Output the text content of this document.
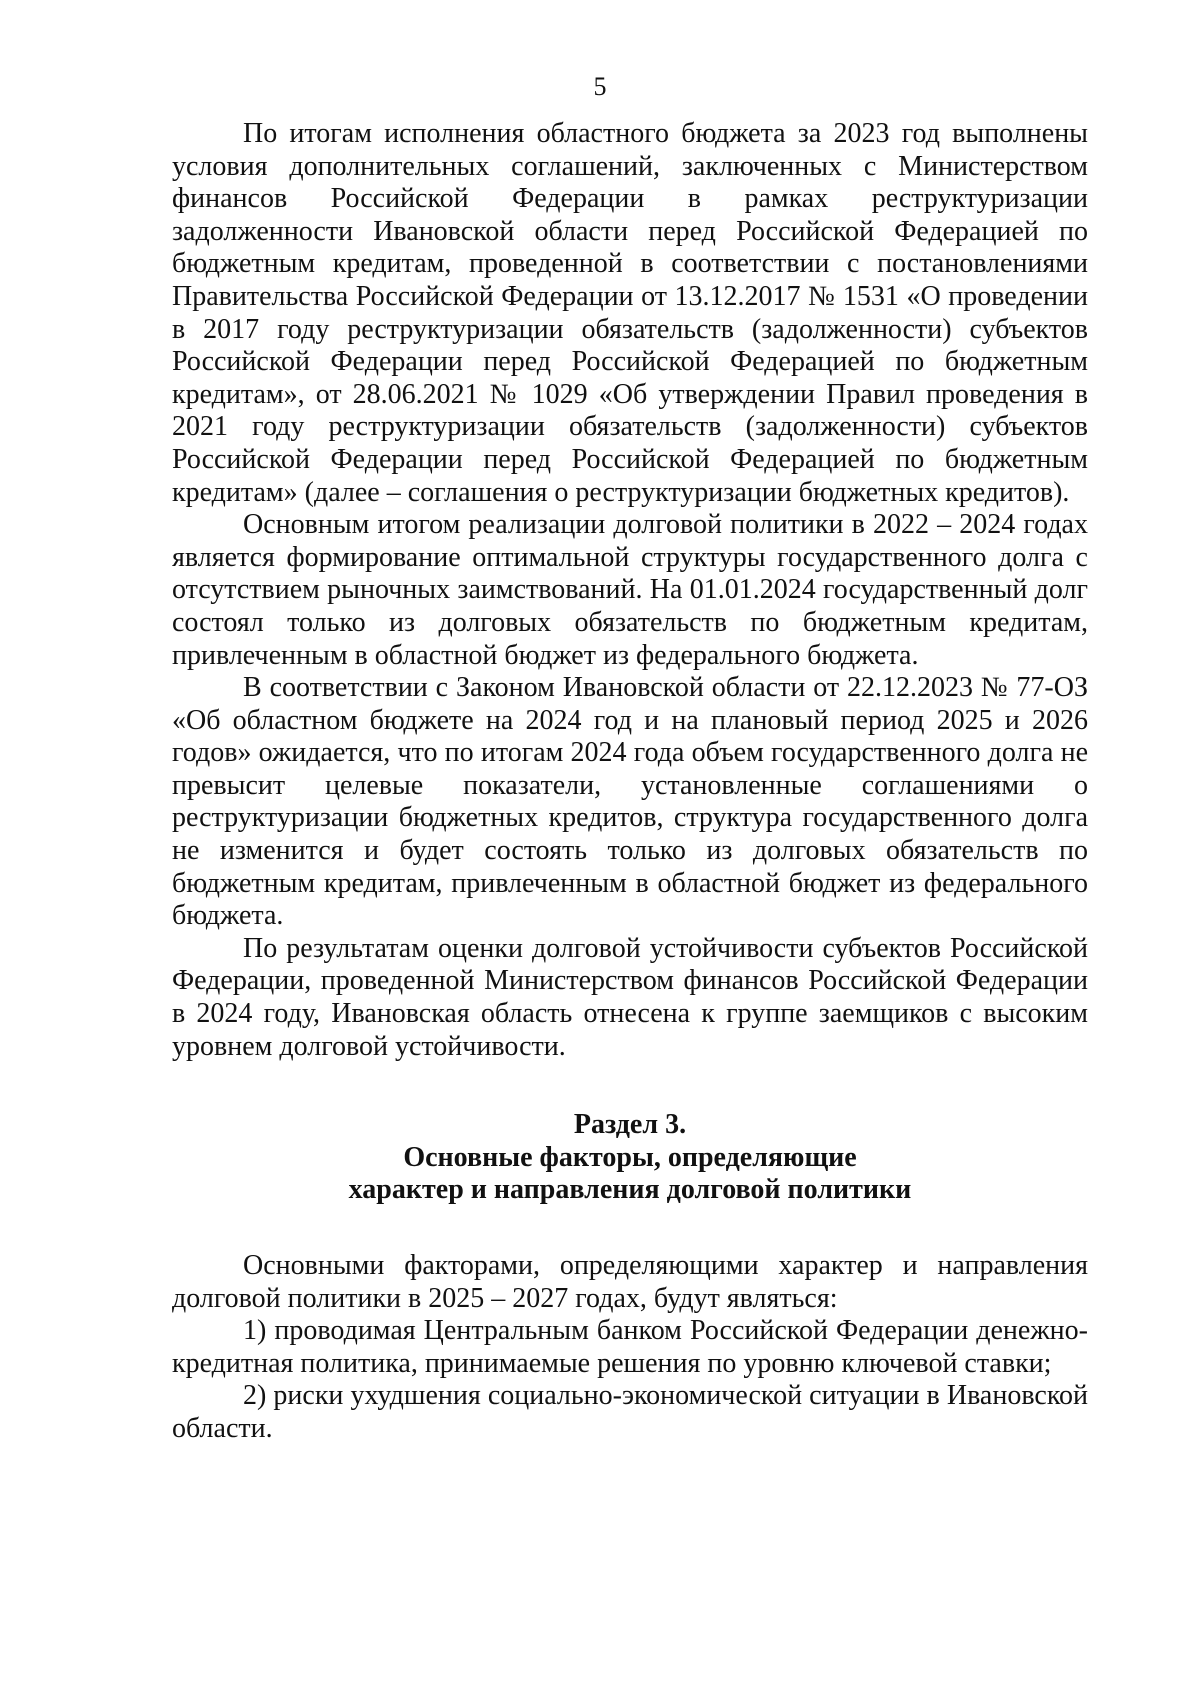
5

По итогам исполнения областного бюджета за 2023 год выполнены условия дополнительных соглашений, заключенных с Министерством финансов Российской Федерации в рамках реструктуризации задолженности Ивановской области перед Российской Федерацией по бюджетным кредитам, проведенной в соответствии с постановлениями Правительства Российской Федерации от 13.12.2017 № 1531 «О проведении в 2017 году реструктуризации обязательств (задолженности) субъектов Российской Федерации перед Российской Федерацией по бюджетным кредитам», от 28.06.2021 № 1029 «Об утверждении Правил проведения в 2021 году реструктуризации обязательств (задолженности) субъектов Российской Федерации перед Российской Федерацией по бюджетным кредитам» (далее – соглашения о реструктуризации бюджетных кредитов).

Основным итогом реализации долговой политики в 2022 – 2024 годах является формирование оптимальной структуры государственного долга с отсутствием рыночных заимствований. На 01.01.2024 государственный долг состоял только из долговых обязательств по бюджетным кредитам, привлеченным в областной бюджет из федерального бюджета.

В соответствии с Законом Ивановской области от 22.12.2023 № 77-ОЗ «Об областном бюджете на 2024 год и на плановый период 2025 и 2026 годов» ожидается, что по итогам 2024 года объем государственного долга не превысит целевые показатели, установленные соглашениями о реструктуризации бюджетных кредитов, структура государственного долга не изменится и будет состоять только из долговых обязательств по бюджетным кредитам, привлеченным в областной бюджет из федерального бюджета.

По результатам оценки долговой устойчивости субъектов Российской Федерации, проведенной Министерством финансов Российской Федерации в 2024 году, Ивановская область отнесена к группе заемщиков с высоким уровнем долговой устойчивости.

Раздел 3.
Основные факторы, определяющие
характер и направления долговой политики

Основными факторами, определяющими характер и направления долговой политики в 2025 – 2027 годах, будут являться:

1) проводимая Центральным банком Российской Федерации денежно-кредитная политика, принимаемые решения по уровню ключевой ставки;

2) риски ухудшения социально-экономической ситуации в Ивановской области.
